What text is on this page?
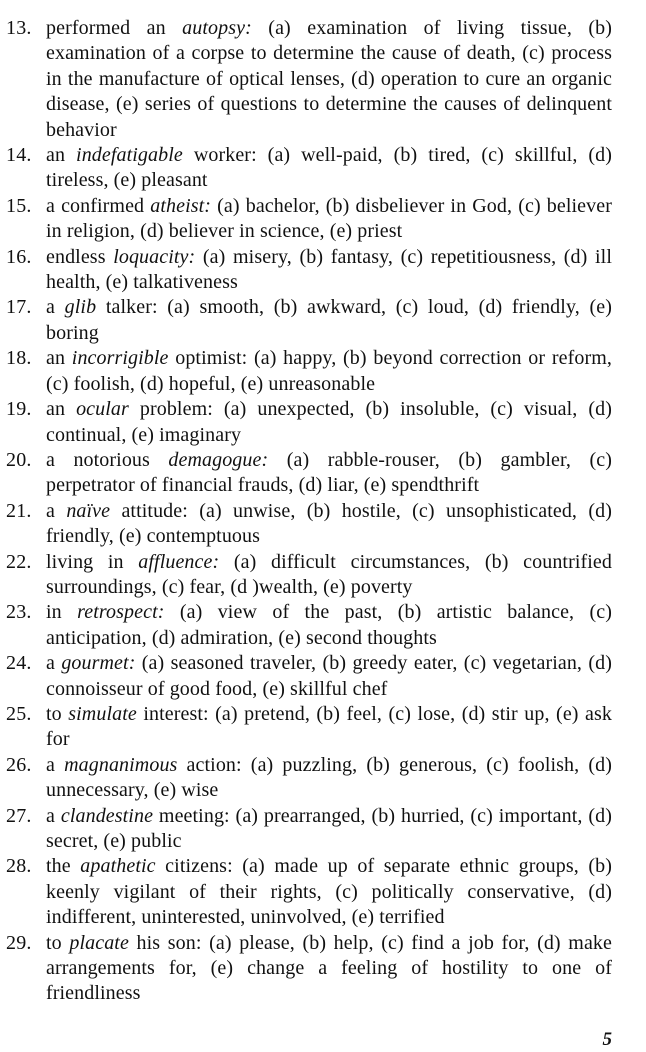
13. performed an autopsy: (a) examination of living tissue, (b) examination of a corpse to determine the cause of death, (c) process in the manufacture of optical lenses, (d) operation to cure an organic disease, (e) series of questions to determine the causes of delinquent behavior
14. an indefatigable worker: (a) well-paid, (b) tired, (c) skillful, (d) tireless, (e) pleasant
15. a confirmed atheist: (a) bachelor, (b) disbeliever in God, (c) believer in religion, (d) believer in science, (e) priest
16. endless loquacity: (a) misery, (b) fantasy, (c) repetitiousness, (d) ill health, (e) talkativeness
17. a glib talker: (a) smooth, (b) awkward, (c) loud, (d) friendly, (e) boring
18. an incorrigible optimist: (a) happy, (b) beyond correction or reform, (c) foolish, (d) hopeful, (e) unreasonable
19. an ocular problem: (a) unexpected, (b) insoluble, (c) visual, (d) continual, (e) imaginary
20. a notorious demagogue: (a) rabble-rouser, (b) gambler, (c) perpetrator of financial frauds, (d) liar, (e) spendthrift
21. a naïve attitude: (a) unwise, (b) hostile, (c) unsophisticated, (d) friendly, (e) contemptuous
22. living in affluence: (a) difficult circumstances, (b) countrified surroundings, (c) fear, (d )wealth, (e) poverty
23. in retrospect: (a) view of the past, (b) artistic balance, (c) anticipation, (d) admiration, (e) second thoughts
24. a gourmet: (a) seasoned traveler, (b) greedy eater, (c) vegetarian, (d) connoisseur of good food, (e) skillful chef
25. to simulate interest: (a) pretend, (b) feel, (c) lose, (d) stir up, (e) ask for
26. a magnanimous action: (a) puzzling, (b) generous, (c) foolish, (d) unnecessary, (e) wise
27. a clandestine meeting: (a) prearranged, (b) hurried, (c) important, (d) secret, (e) public
28. the apathetic citizens: (a) made up of separate ethnic groups, (b) keenly vigilant of their rights, (c) politically conservative, (d) indifferent, uninterested, uninvolved, (e) terrified
29. to placate his son: (a) please, (b) help, (c) find a job for, (d) make arrangements for, (e) change a feeling of hostility to one of friendliness
5
